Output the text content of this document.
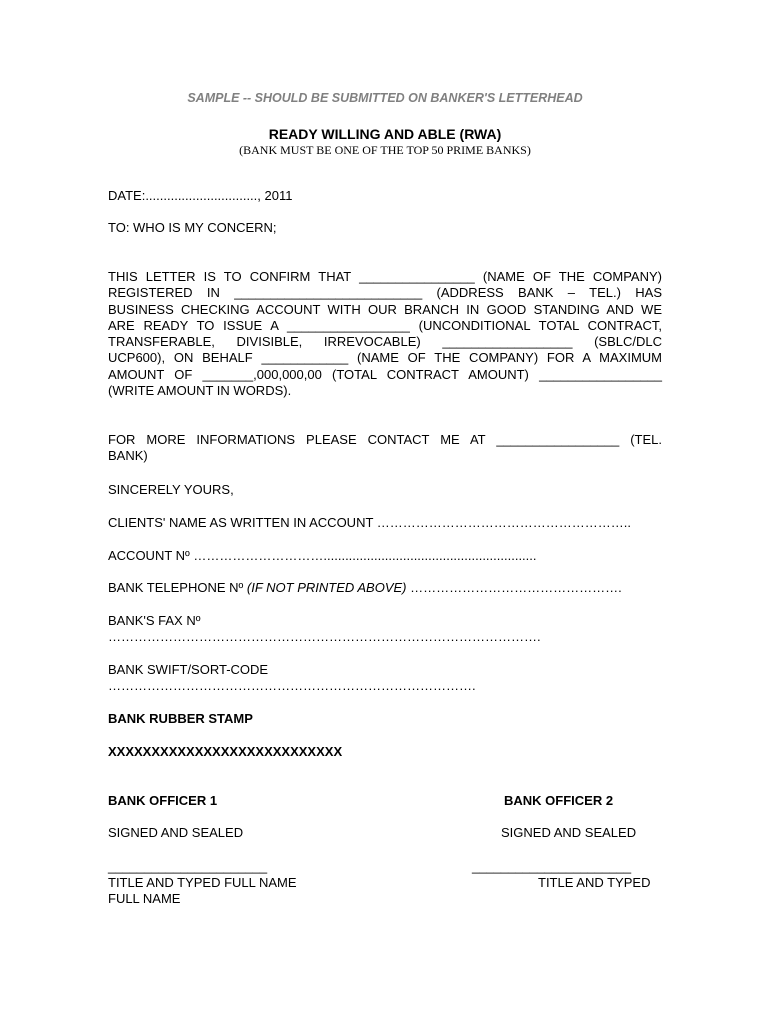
SAMPLE -- SHOULD BE SUBMITTED ON BANKER'S LETTERHEAD
READY WILLING AND ABLE (RWA)
(BANK MUST BE ONE OF THE TOP 50 PRIME BANKS)
DATE:..............................., 2011
TO: WHO IS MY CONCERN;
THIS LETTER IS TO CONFIRM THAT ________________ (NAME OF THE COMPANY)
REGISTERED IN __________________________ (ADDRESS BANK – TEL.) HAS
BUSINESS CHECKING ACCOUNT WITH OUR BRANCH IN GOOD STANDING AND WE
ARE READY TO ISSUE A _________________ (UNCONDITIONAL TOTAL CONTRACT,
TRANSFERABLE, DIVISIBLE, IRREVOCABLE) __________________ (SBLC/DLC
UCP600), ON BEHALF ____________ (NAME OF THE COMPANY) FOR A MAXIMUM
AMOUNT OF _______,000,000,00 (TOTAL CONTRACT AMOUNT) _________________
(WRITE AMOUNT IN WORDS).
FOR MORE INFORMATIONS PLEASE CONTACT ME AT _________________ (TEL.
BANK)
SINCERELY YOURS,
CLIENTS' NAME AS WRITTEN IN ACCOUNT …………………………………………………..
ACCOUNT Nº …………………………...........................................................
BANK TELEPHONE Nº (IF NOT PRINTED ABOVE) ………………………………………….
BANK'S FAX Nº
……………………………………………………………………………………….
BANK SWIFT/SORT-CODE
………………………………………………………………………….
BANK RUBBER STAMP
XXXXXXXXXXXXXXXXXXXXXXXXXXX
BANK OFFICER 1	BANK OFFICER 2
SIGNED AND SEALED	SIGNED AND SEALED
______________________	______________________
TITLE AND TYPED FULL NAME	TITLE AND TYPED
FULL NAME
